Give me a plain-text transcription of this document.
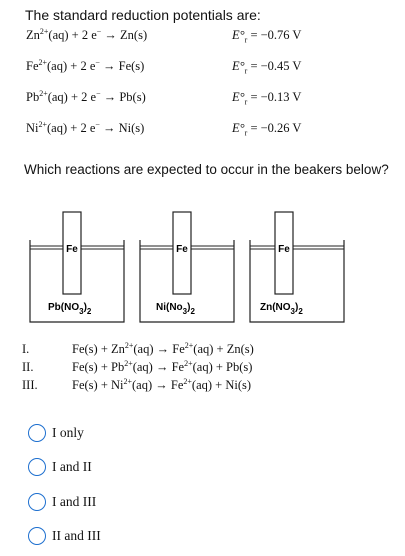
The standard reduction potentials are:
$Zn^{2+}(aq) + 2$ e− → Zn(s)	$E^\circ_r = -0.76$ V
$Fe^{2+}(aq) + 2$ e− → Fe(s)	$E^\circ_r = -0.45$ V
$Pb^{2+}(aq) + 2$ e− → Pb(s)	$E^\circ_r = -0.13$ V
$Ni^{2+}(aq) + 2$ e− → Ni(s)	$E^\circ_r = -0.26$ V
Which reactions are expected to occur in the beakers below?
Fe
$Pb(NO_3)_2$
Fe
$Ni(No_3)_2$
Fe
$Zn(NO_3)_2$
I.	$Fe(s) + Zn^{2+}(aq) \to Fe^{2+}(aq) + Zn(s)$
II.	$Fe(s) + Pb^{2+}(aq) \to Fe^{2+}(aq) + Pb(s)$
III.	$Fe(s) + Ni^{2+}(aq) \to Fe^{2+}(aq) + Ni(s)$
I only
I and II
I and III
II and III
